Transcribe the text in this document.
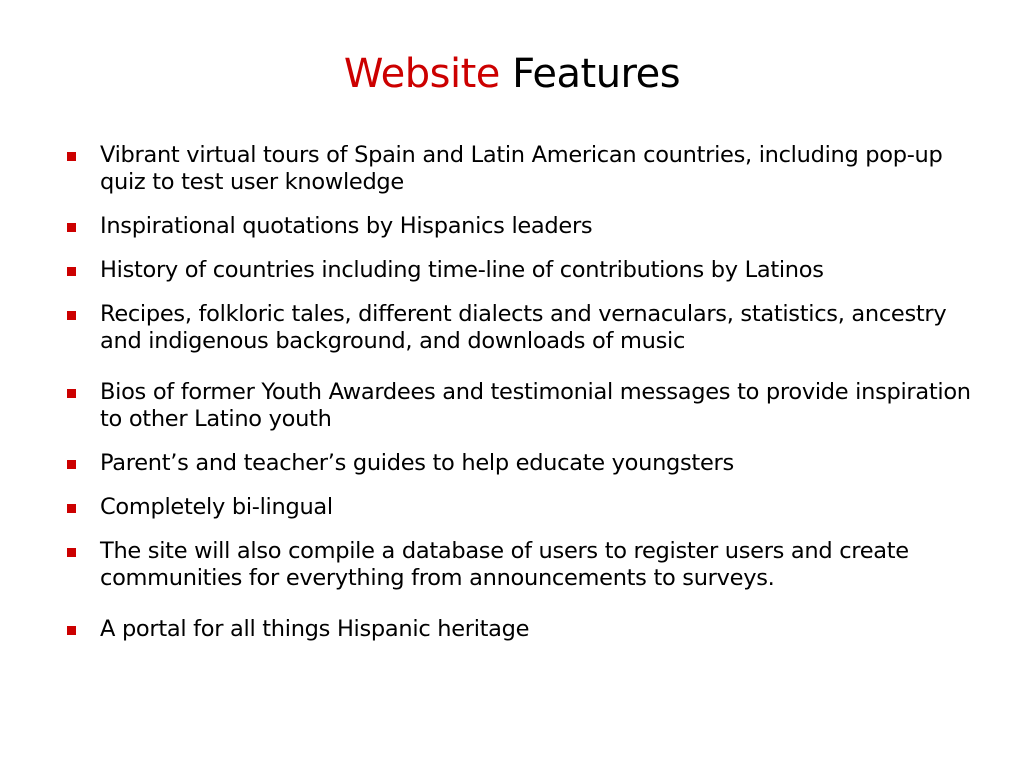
Website Features
Vibrant virtual tours of Spain and Latin American countries, including pop-up quiz to test user knowledge
Inspirational quotations by Hispanics leaders
History of countries including time-line of contributions by Latinos
Recipes, folkloric tales, different dialects and vernaculars, statistics, ancestry and indigenous background, and downloads of music
Bios of former Youth Awardees and testimonial messages to provide inspiration to other Latino youth
Parent’s and teacher’s guides to help educate youngsters
Completely bi-lingual
The site will also compile a database of users to register users and create communities for everything from announcements to surveys.
A portal for all things Hispanic heritage
